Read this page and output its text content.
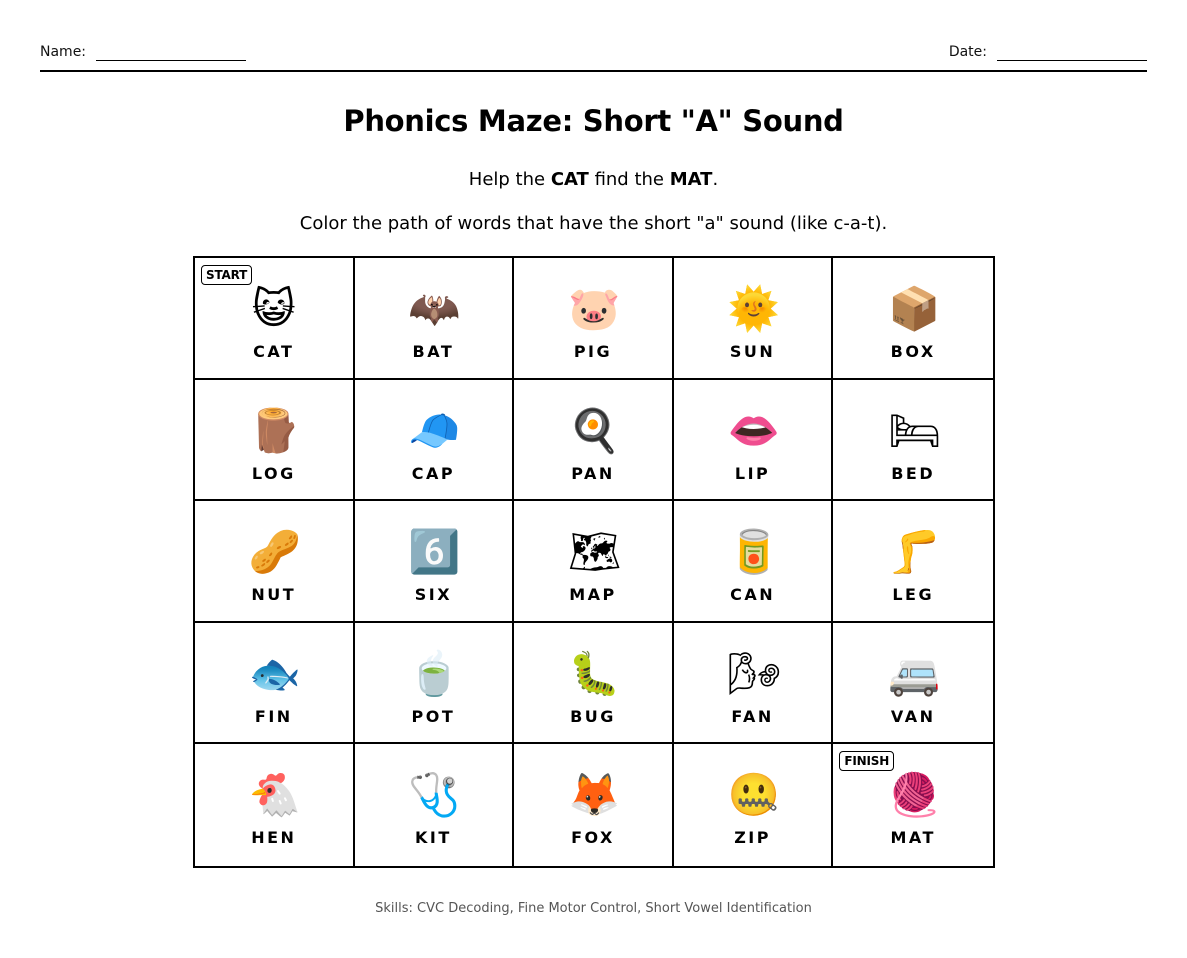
Name:	Date:
Phonics Maze: Short "A" Sound

Help the CAT find the MAT.

Color the path of words that have the short "a" sound (like c-a-t).

START
😺
CAT
🦇
BAT
🐷
PIG
🌞
SUN
📦
BOX
🪵
LOG
🧢
CAP
🍳
PAN
👄
LIP
🛏
BED
🥜
NUT
6️⃣
SIX
🗺
MAP
🥫
CAN
🦵
LEG
🐟
FIN
🍵
POT
🐛
BUG
🌬
FAN
🚐
VAN
🐔
HEN
🩺
KIT
🦊
FOX
🤐
ZIP
FINISH
🧶
MAT

Skills: CVC Decoding, Fine Motor Control, Short Vowel Identification
